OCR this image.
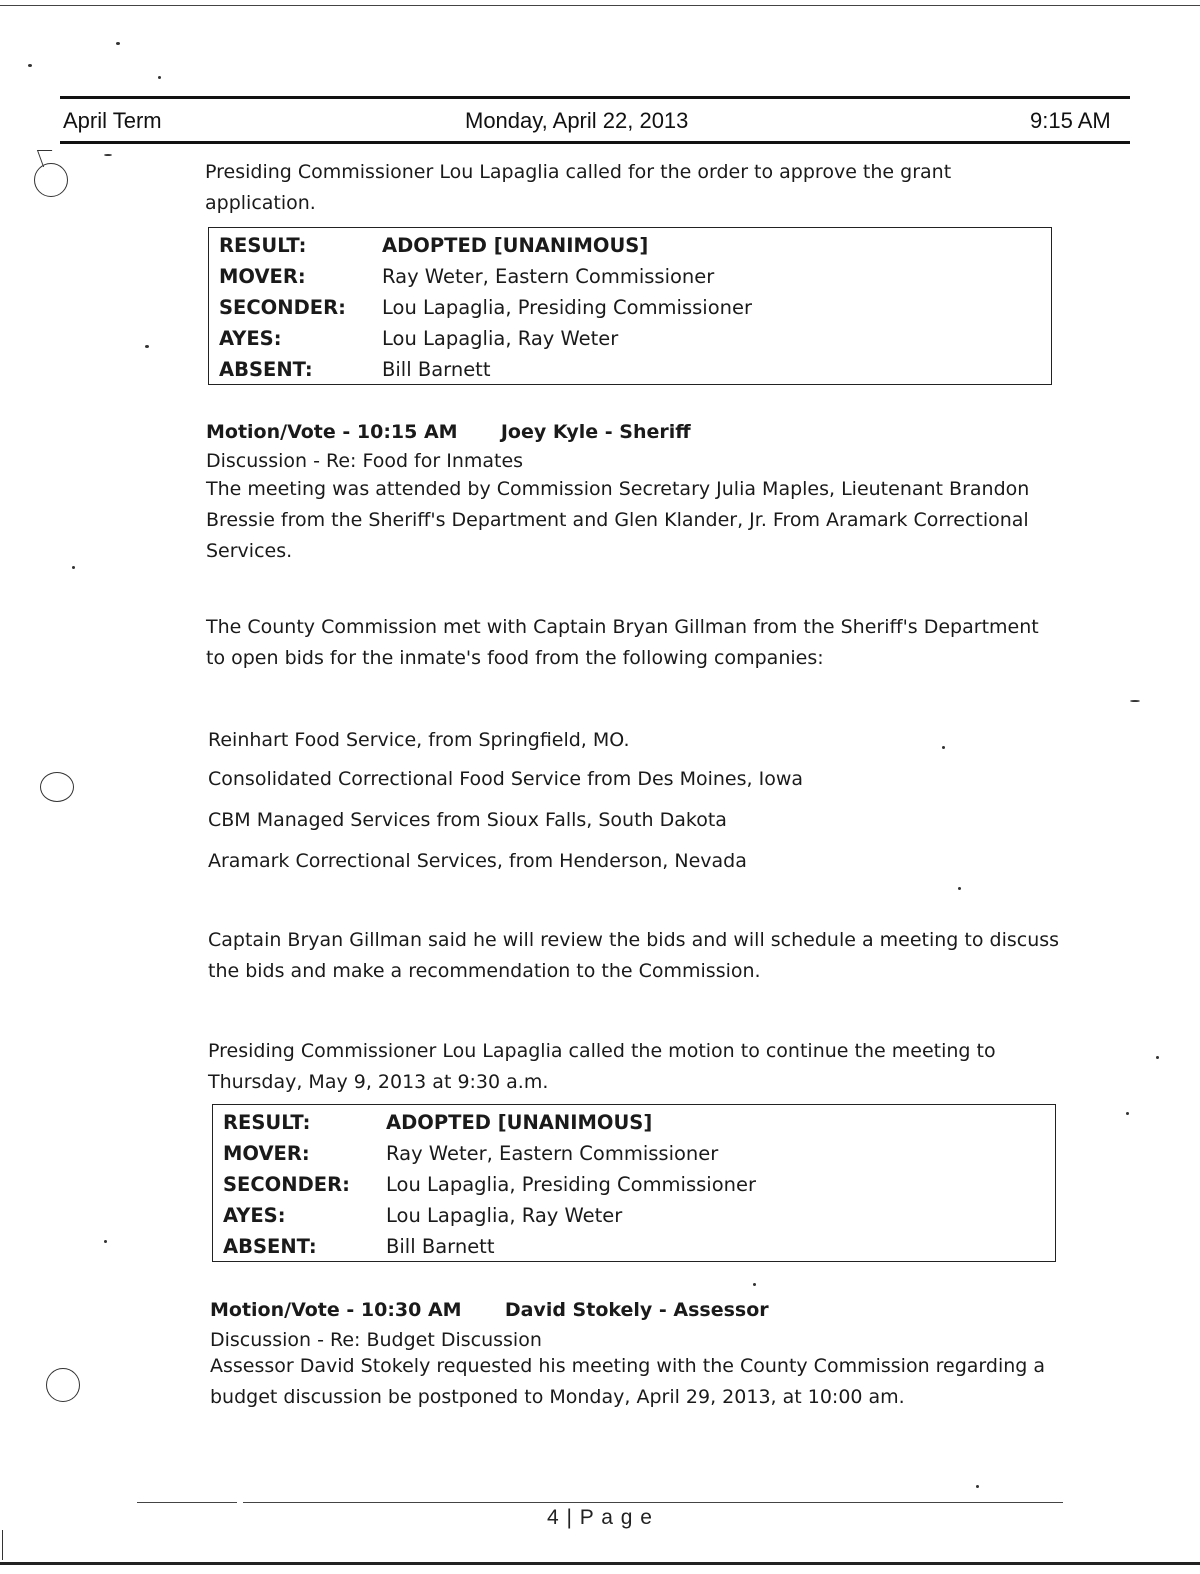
April Term	Monday, April 22, 2013	9:15 AM

Presiding Commissioner Lou Lapaglia called for the order to approve the grant application.

RESULT:	ADOPTED [UNANIMOUS]
MOVER:	Ray Weter, Eastern Commissioner
SECONDER: Lou Lapaglia, Presiding Commissioner
AYES:	Lou Lapaglia, Ray Weter
ABSENT:	Bill Barnett
Motion/Vote - 10:15 AM Joey Kyle - Sheriff

Discussion - Re: Food for Inmates

The meeting was attended by Commission Secretary Julia Maples, Lieutenant Brandon Bressie from the Sheriff's Department and Glen Klander, Jr. From Aramark Correctional Services.

The County Commission met with Captain Bryan Gillman from the Sheriff's Department to open bids for the inmate's food from the following companies:

Reinhart Food Service, from Springfield, MO.

Consolidated Correctional Food Service from Des Moines, Iowa

CBM Managed Services from Sioux Falls, South Dakota

Aramark Correctional Services, from Henderson, Nevada

Captain Bryan Gillman said he will review the bids and will schedule a meeting to discuss the bids and make a recommendation to the Commission.

Presiding Commissioner Lou Lapaglia called the motion to continue the meeting to Thursday, May 9, 2013 at 9:30 a.m.

RESULT:	ADOPTED [UNANIMOUS]
MOVER:	Ray Weter, Eastern Commissioner
SECONDER: Lou Lapaglia, Presiding Commissioner
AYES:	Lou Lapaglia, Ray Weter
ABSENT:	Bill Barnett
Motion/Vote - 10:30 AM David Stokely - Assessor

Discussion - Re: Budget Discussion

Assessor David Stokely requested his meeting with the County Commission regarding a budget discussion be postponed to Monday, April 29, 2013, at 10:00 am.

4 | P a g e
